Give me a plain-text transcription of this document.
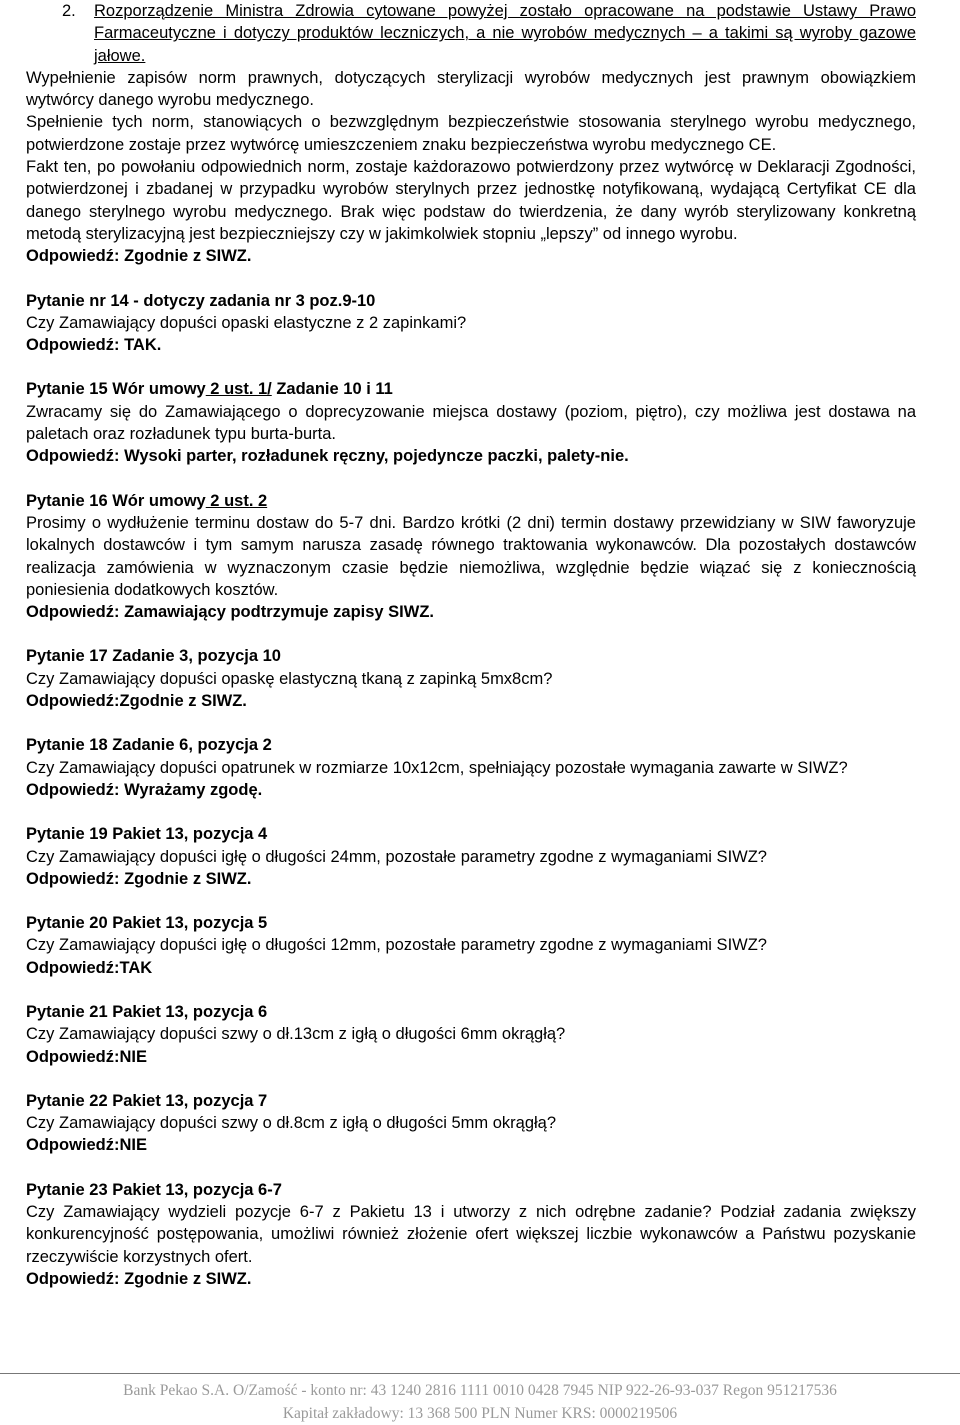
2. Rozporządzenie Ministra Zdrowia cytowane powyżej zostało opracowane na podstawie Ustawy Prawo Farmaceutyczne i dotyczy produktów leczniczych, a nie wyrobów medycznych – a takimi są wyroby gazowe jałowe.

Wypełnienie zapisów norm prawnych, dotyczących sterylizacji wyrobów medycznych jest prawnym obowiązkiem wytwórcy danego wyrobu medycznego.

Spełnienie tych norm, stanowiących o bezwzględnym bezpieczeństwie stosowania sterylnego wyrobu medycznego, potwierdzone zostaje przez wytwórcę umieszczeniem znaku bezpieczeństwa wyrobu medycznego CE.

Fakt ten, po powołaniu odpowiednich norm, zostaje każdorazowo potwierdzony przez wytwórcę w Deklaracji Zgodności, potwierdzonej i zbadanej w przypadku wyrobów sterylnych przez jednostkę notyfikowaną, wydającą Certyfikat CE dla danego sterylnego wyrobu medycznego. Brak więc podstaw do twierdzenia, że dany wyrób sterylizowany konkretną metodą sterylizacyjną jest bezpieczniejszy czy w jakimkolwiek stopniu „lepszy” od innego wyrobu.

Odpowiedź: Zgodnie z SIWZ.

Pytanie nr 14 - dotyczy zadania nr 3 poz.9-10

Czy Zamawiający dopuści opaski elastyczne z 2 zapinkami?

Odpowiedź: TAK.

Pytanie 15 Wór umowy 2 ust. 1/ Zadanie 10 i 11

Zwracamy się do Zamawiającego o doprecyzowanie miejsca dostawy (poziom, piętro), czy możliwa jest dostawa na paletach oraz rozładunek typu burta-burta.

Odpowiedź: Wysoki parter, rozładunek ręczny, pojedyncze paczki, palety-nie.

Pytanie 16 Wór umowy 2 ust. 2

Prosimy o wydłużenie terminu dostaw do 5-7 dni. Bardzo krótki (2 dni) termin dostawy przewidziany w SIW faworyzuje lokalnych dostawców i tym samym narusza zasadę równego traktowania wykonawców. Dla pozostałych dostawców realizacja zamówienia w wyznaczonym czasie będzie niemożliwa, względnie będzie wiązać się z koniecznością poniesienia dodatkowych kosztów.

Odpowiedź: Zamawiający podtrzymuje zapisy SIWZ.

Pytanie 17 Zadanie 3, pozycja 10

Czy Zamawiający dopuści opaskę elastyczną tkaną z zapinką 5mx8cm?

Odpowiedź:Zgodnie z SIWZ.

Pytanie 18 Zadanie 6, pozycja 2

Czy Zamawiający dopuści opatrunek w rozmiarze 10x12cm, spełniający pozostałe wymagania zawarte w SIWZ?

Odpowiedź: Wyrażamy zgodę.

Pytanie 19 Pakiet 13, pozycja 4

Czy Zamawiający dopuści igłę o długości 24mm, pozostałe parametry zgodne z wymaganiami SIWZ?

Odpowiedź: Zgodnie z SIWZ.

Pytanie 20 Pakiet 13, pozycja 5

Czy Zamawiający dopuści igłę o długości 12mm, pozostałe parametry zgodne z wymaganiami SIWZ?

Odpowiedź:TAK

Pytanie 21 Pakiet 13, pozycja 6

Czy Zamawiający dopuści szwy o dł.13cm z igłą o długości 6mm okrągłą?

Odpowiedź:NIE

Pytanie 22 Pakiet 13, pozycja 7

Czy Zamawiający dopuści szwy o dł.8cm z igłą o długości 5mm okrągłą?

Odpowiedź:NIE

Pytanie 23 Pakiet 13, pozycja 6-7

Czy Zamawiający wydzieli pozycje 6-7 z Pakietu 13 i utworzy z nich odrębne zadanie? Podział zadania zwiększy konkurencyjność postępowania, umożliwi również złożenie ofert większej liczbie wykonawców a Państwu pozyskanie rzeczywiście korzystnych ofert.

Odpowiedź: Zgodnie z SIWZ.

Bank Pekao S.A. O/Zamość - konto nr: 43 1240 2816 1111 0010 0428 7945 NIP 922-26-93-037 Regon 951217536

Kapitał zakładowy: 13 368 500 PLN Numer KRS: 0000219506
